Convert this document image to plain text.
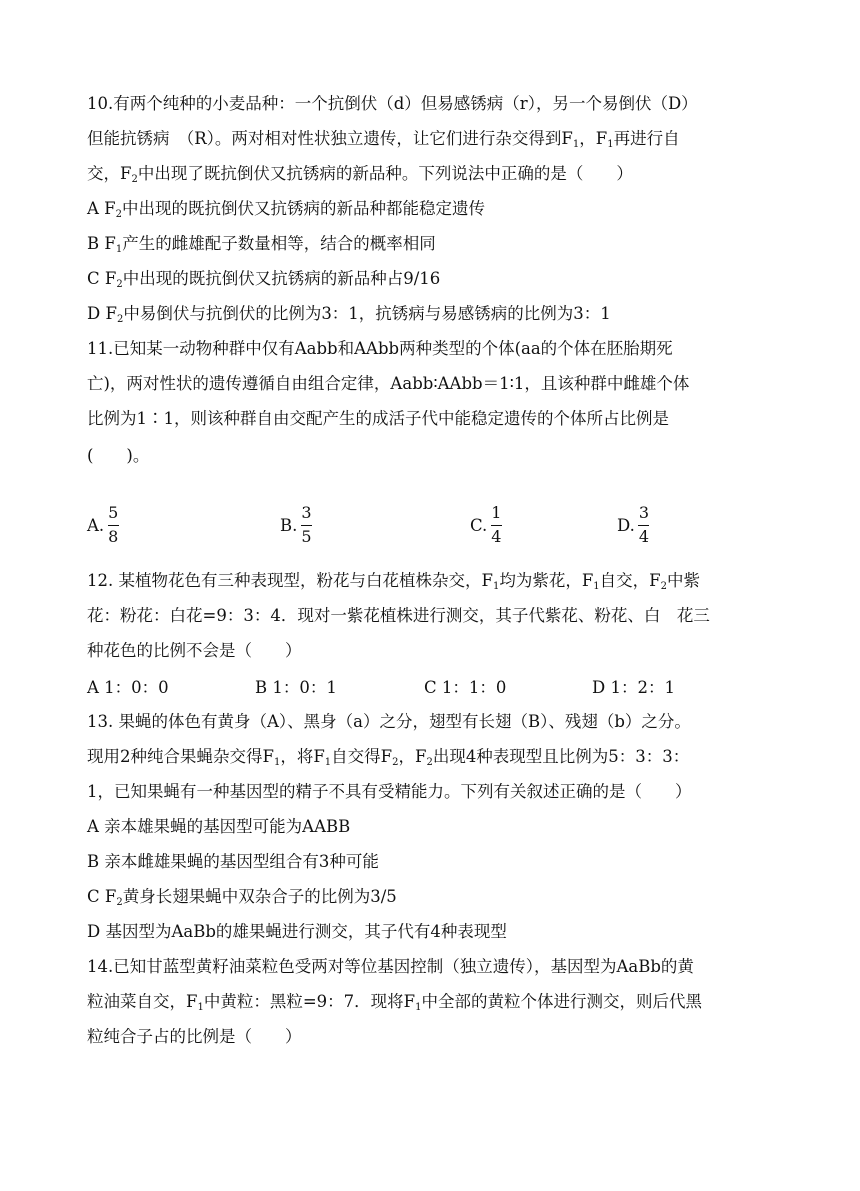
10.有两个纯种的小麦品种：一个抗倒伏（d）但易感锈病（r），另一个易倒伏（D）
但能抗锈病　（R）。两对相对性状独立遗传，让它们进行杂交得到$F_1$，$F_1$再进行自
交，$F_2$中出现了既抗倒伏又抗锈病的新品种。下列说法中正确的是（　　）
A $F_2$中出现的既抗倒伏又抗锈病的新品种都能稳定遗传
B $F_1$产生的雌雄配子数量相等，结合的概率相同
C $F_2$中出现的既抗倒伏又抗锈病的新品种占9/16
D $F_2$中易倒伏与抗倒伏的比例为3：1，抗锈病与易感锈病的比例为3：1
11.已知某一动物种群中仅有Aabb和AAbb两种类型的个体(aa的个体在胚胎期死
亡)，两对性状的遗传遵循自由组合定律，Aabb∶AAbb＝1∶1，且该种群中雌雄个体
比例为1∶1，则该种群自由交配产生的成活子代中能稳定遗传的个体所占比例是
(　　)。
A. $\frac{5}{8}$	B. $\frac{3}{5}$	C. $\frac{1}{4}$	D. $\frac{3}{4}$
12. 某植物花色有三种表现型，粉花与白花植株杂交，$F_1$均为紫花，$F_1$自交，$F_2$中紫
花：粉花：白花=9：3：4．现对一紫花植株进行测交，其子代紫花、粉花、白　花三
种花色的比例不会是（　　）
A 1：0：0	B 1：0：1	C 1：1：0	D 1：2：1
13. 果蝇的体色有黄身（A）、黑身（a）之分，翅型有长翅（B）、残翅（b）之分。
现用2种纯合果蝇杂交得$F_1$，将$F_1$自交得$F_2$，$F_2$出现4种表现型且比例为5：3：3：
1，已知果蝇有一种基因型的精子不具有受精能力。下列有关叙述正确的是（　　）
A 亲本雄果蝇的基因型可能为AABB
B 亲本雌雄果蝇的基因型组合有3种可能
C $F_2$黄身长翅果蝇中双杂合子的比例为3/5
D 基因型为AaBb的雄果蝇进行测交，其子代有4种表现型
14.已知甘蓝型黄籽油菜粒色受两对等位基因控制（独立遗传），基因型为AaBb的黄
粒油菜自交，$F_1$中黄粒：黑粒=9：7．现将$F_1$中全部的黄粒个体进行测交，则后代黑
粒纯合子占的比例是（　　）
